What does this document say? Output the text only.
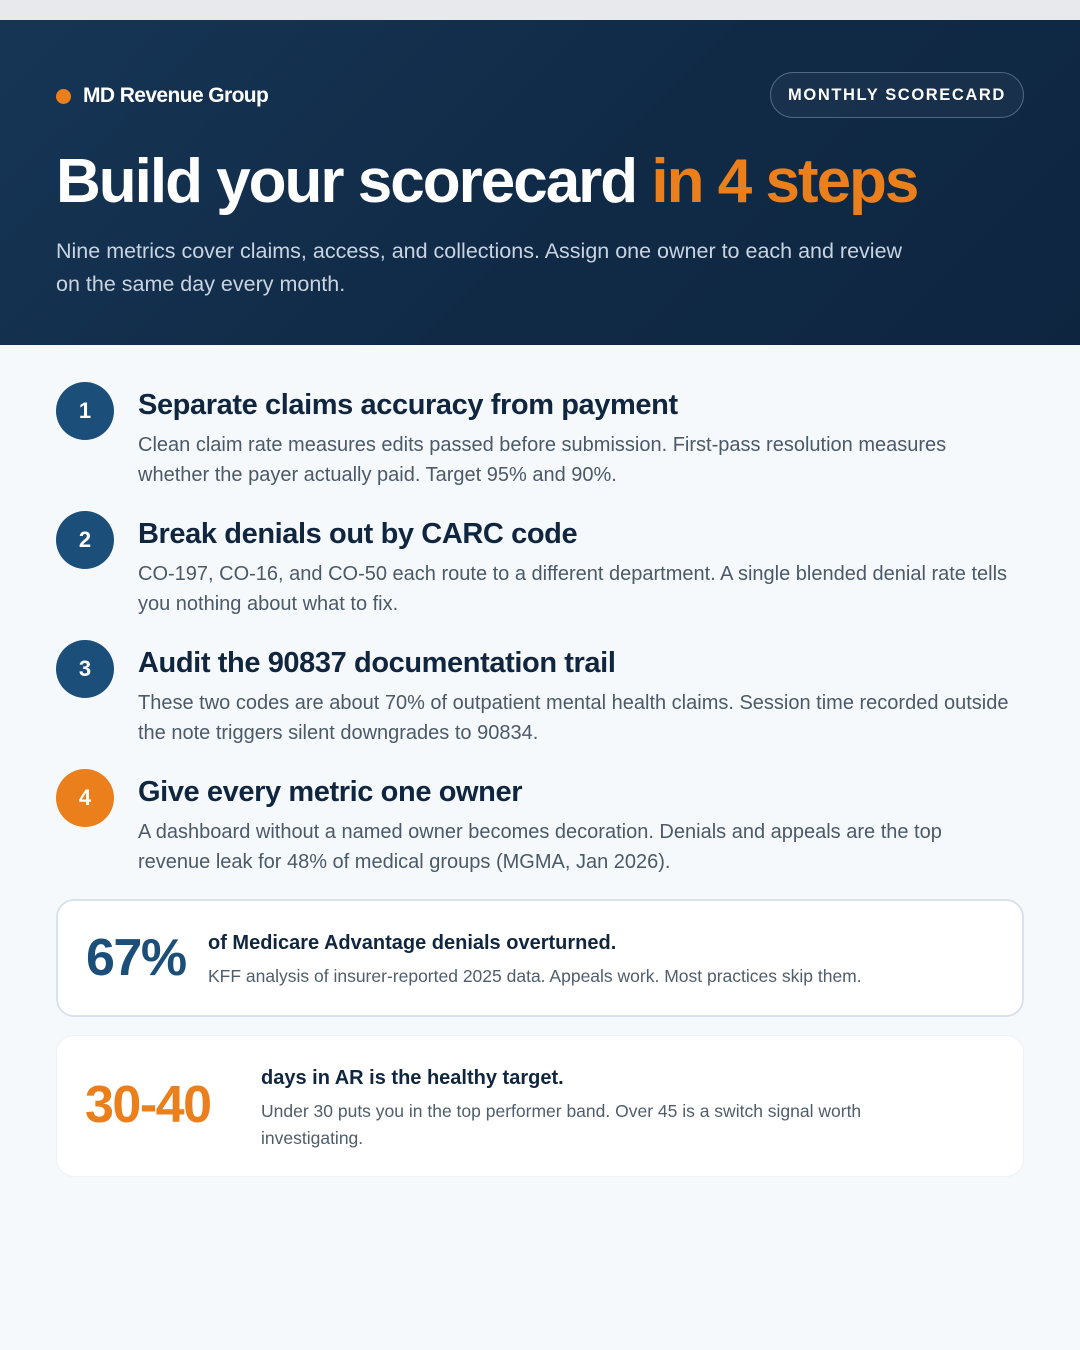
MD Revenue Group	MONTHLY SCORECARD
Build your scorecard in 4 steps

Nine metrics cover claims, access, and collections. Assign one owner to each and review on the same day every month.

1	Separate claims accuracy from payment

Clean claim rate measures edits passed before submission. First-pass resolution measures whether the payer actually paid. Target 95% and 90%.

2	Break denials out by CARC code

CO-197, CO-16, and CO-50 each route to a different department. A single blended denial rate tells you nothing about what to fix.

3	Audit the 90837 documentation trail

These two codes are about 70% of outpatient mental health claims. Session time recorded outside the note triggers silent downgrades to 90834.

4	Give every metric one owner

A dashboard without a named owner becomes decoration. Denials and appeals are the top revenue leak for 48% of medical groups (MGMA, Jan 2026).

67% of Medicare Advantage denials overturned.
KFF analysis of insurer-reported 2025 data. Appeals work. Most practices skip them.
30-40	days in AR is the healthy target.
Under 30 puts you in the top performer band. Over 45 is a switch signal worth investigating.
